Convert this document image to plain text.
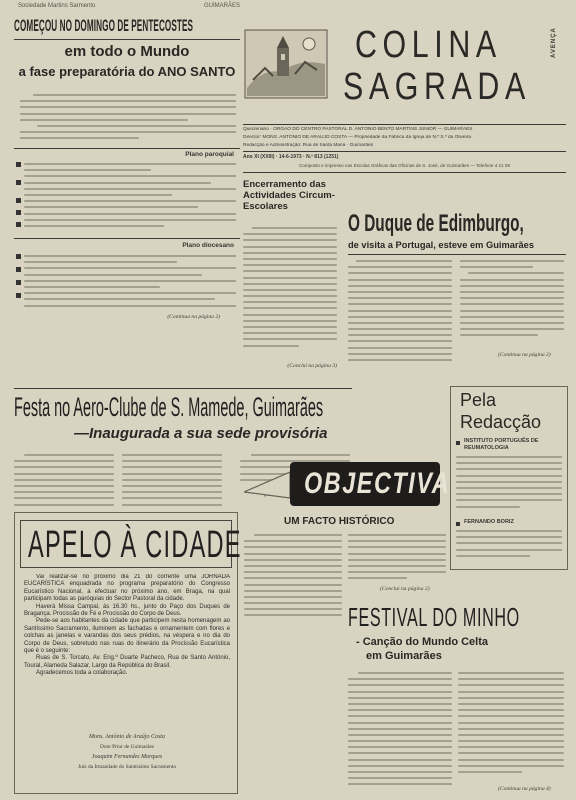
Sociedade Martins Sarmento	GUIMARÃES
COMEÇOU NO DOMINGO DE PENTECOSTES
em todo o Mundo
a fase preparatória do ANO SANTO
Plano paroquial
Plano diocesano
(Continua na página 2)
COLINA
SAGRADA
AVENÇA
Quinzenário · ÓRGÃO DO CENTRO PASTORAL D. ANTÓNIO BENTO MARTINS JÚNIOR — GUIMARÃES
Director: MONS. ANTÓNIO DE ARAÚJO COSTA — Propriedade da Fábrica da Igreja de N.ª S.ª da Oliveira
Redacção e Administração: Rua de Santa Maria · Guimarães
Ano XI (XXIII) · 14-6-1973 · N.º 813 (1251)
Composto e impresso nas Escolas Gráficas das Oficinas de S. José, de Guimarães — Telefone 4 21 08
Encerramento das Actividades Circum-Escolares
(Conclui na página 3)
O Duque de Edimburgo,
de visita a Portugal, esteve em Guimarães
(Continua na página 2)
Festa no Aero-Clube de S. Mamede, Guimarães
—Inaugurada a sua sede provisória
Pela
Redacção
INSTITUTO PORTUGUÊS DE REUMATOLOGIA
FERNANDO BORIZ
OBJECTIVA
APELO À CIDADE

Vai realizar-se no próximo dia 21 do corrente uma JORNADA EUCARÍSTICA enquadrada no programa preparatório do Congresso Eucarístico Nacional, a efectuar no próximo ano, em Braga, na qual participam todas as paróquias do Sector Pastoral da cidade.

Haverá Missa Campal, às 16.30 hs., junto do Paço dos Duques de Bragança. Procissão de Fé e Procissão do Corpo de Deus.

Pede-se aos habitantes da cidade que participem nesta homenagem ao Santíssimo Sacramento, iluminem as fachadas e ornamentem com flores e colchas as janelas e varandas dos seus prédios, na véspera e no dia do Corpo de Deus, sobretudo nas ruas do itinerário da Procissão Eucarística que é o seguinte:

Ruas de S. Torcato, Av. Eng.º Duarte Pacheco, Rua de Santo António, Toural, Alameda Salazar, Largo da República do Brasil.

Agradecemos toda a colaboração.

Mons. António de Araújo Costa
Dom Prior de Guimarães
Joaquim Fernandes Marques
Juiz da Irmandade do Santíssimo Sacramento
UM FACTO HISTÓRICO
(Conclui na página 2)
FESTIVAL DO MINHO
- Canção do Mundo Celta
em Guimarães
(Continua na página 4)
